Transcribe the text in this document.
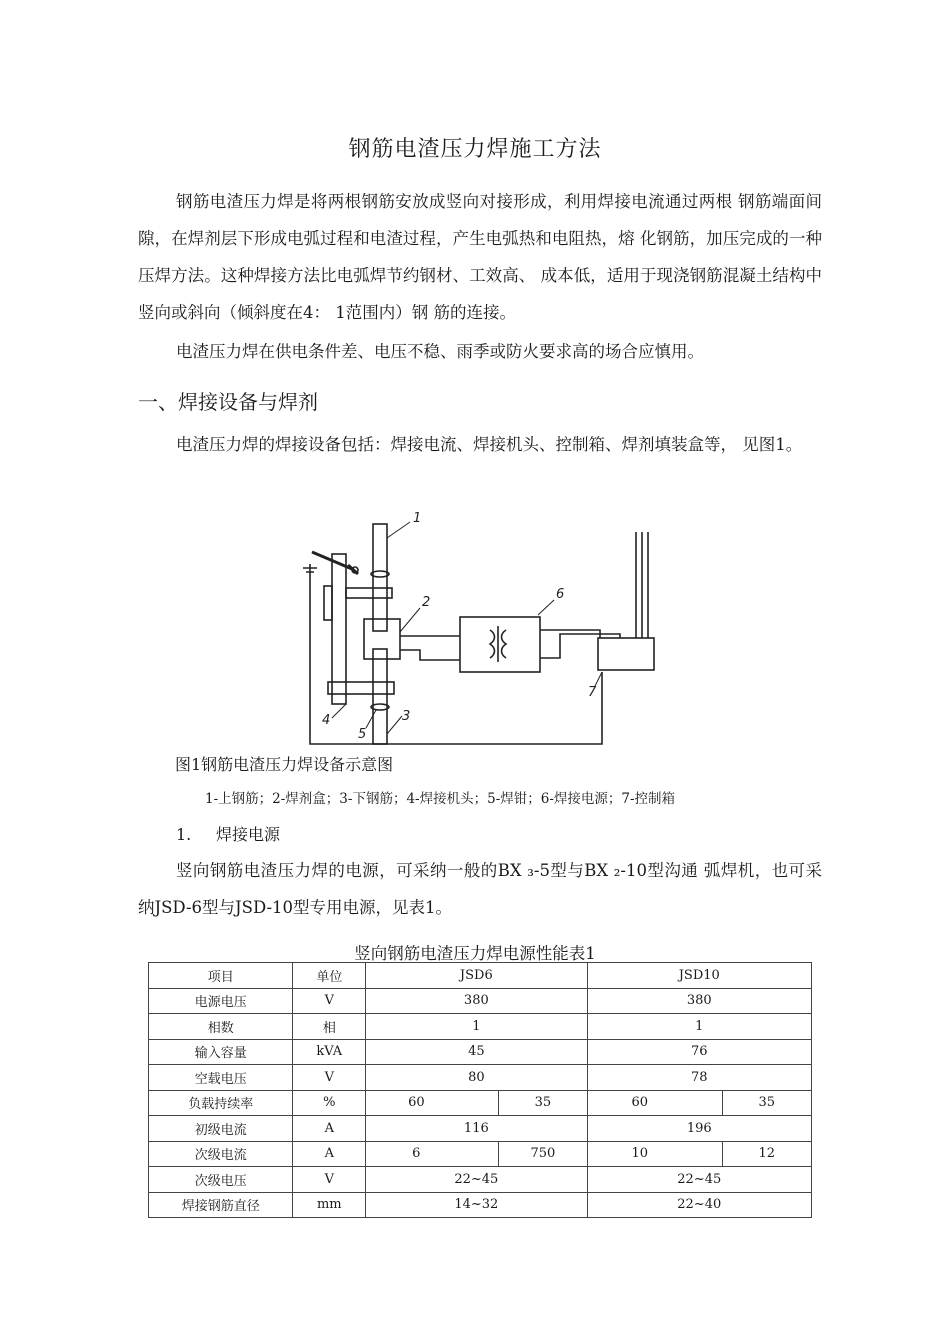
钢筋电渣压力焊施工方法

钢筋电渣压力焊是将两根钢筋安放成竖向对接形成，利用焊接电流通过两根 钢筋端面间隙，在焊剂层下形成电弧过程和电渣过程，产生电弧热和电阻热，熔 化钢筋，加压完成的一种压焊方法。这种焊接方法比电弧焊节约钢材、工效高、 成本低，适用于现浇钢筋混凝土结构中竖向或斜向（倾斜度在4： 1范围内）钢 筋的连接。

电渣压力焊在供电条件差、电压不稳、雨季或防火要求高的场合应慎用。

一、焊接设备与焊剂

电渣压力焊的焊接设备包括：焊接电流、焊接机头、控制箱、焊剂填装盒等， 见图1。

1
2
3
4
5
6
7

图1钢筋电渣压力焊设备示意图

1-上钢筋；2-焊剂盒；3-下钢筋；4-焊接机头；5-焊钳；6-焊接电源；7-控制箱

1. 焊接电源

竖向钢筋电渣压力焊的电源，可采纳一般的BX ₃-5型与BX ₂-10型沟通 弧焊机，也可采纳JSD-6型与JSD-10型专用电源，见表1。

竖向钢筋电渣压力焊电源性能表1

项目	单位	JSD6		JSD10	
电源电压	V	380		380	
相数	相	1		1	
输入容量	kVA	45		76	
空载电压	V	80		78	
负载持续率	%	60	35	60	35
初级电流	A	116		196	
次级电流	A	6	750	10	12
次级电压	V	22~45		22~45	
焊接钢筋直径	mm	14~32		22~40	
